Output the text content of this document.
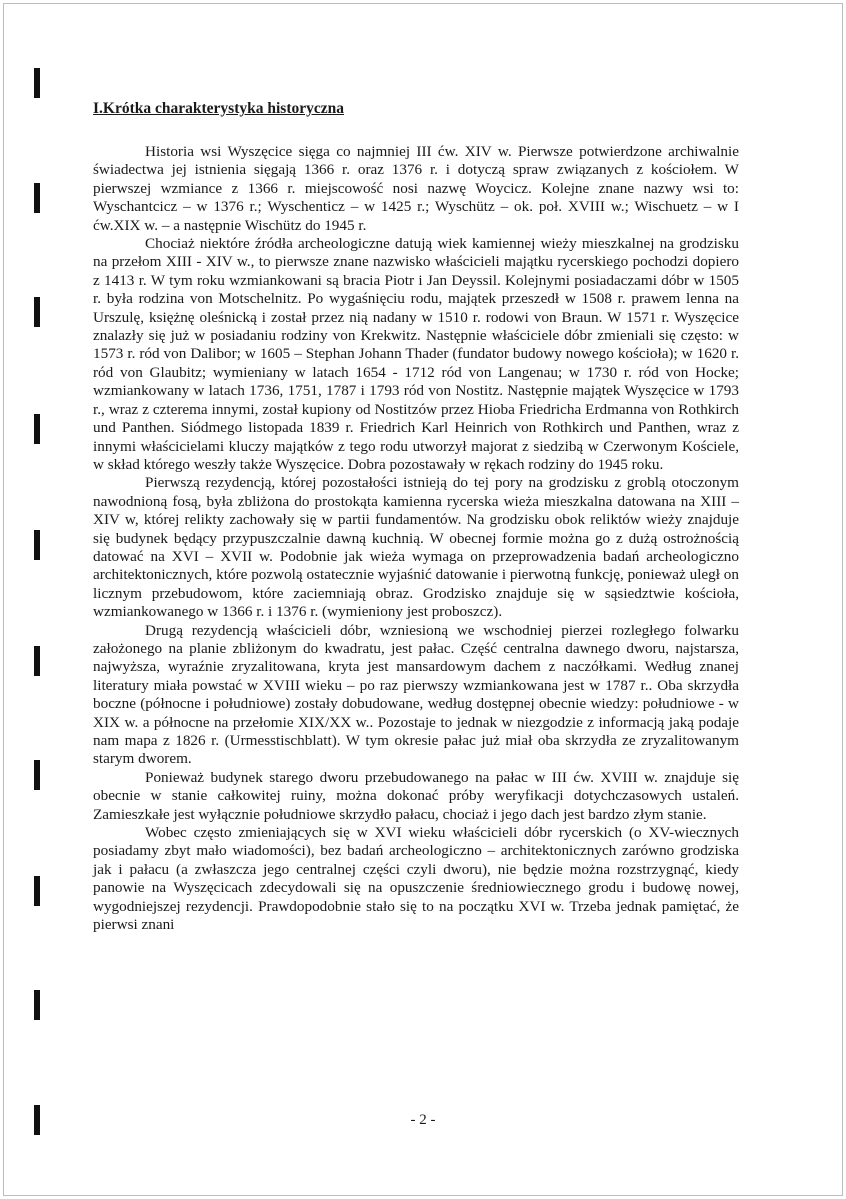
I.Krótka charakterystyka historyczna

Historia wsi Wyszęcice sięga co najmniej III ćw. XIV w. Pierwsze potwierdzone archiwalnie świadectwa jej istnienia sięgają 1366 r. oraz 1376 r. i dotyczą spraw związanych z kościołem. W pierwszej wzmiance z 1366 r. miejscowość nosi nazwę Woycicz. Kolejne znane nazwy wsi to: Wyschantcicz – w 1376 r.; Wyschenticz – w 1425 r.; Wyschütz – ok. poł. XVIII w.; Wischuetz – w I ćw.XIX w. – a następnie Wischütz do 1945 r.

Chociaż niektóre źródła archeologiczne datują wiek kamiennej wieży mieszkalnej na grodzisku na przełom XIII - XIV w., to pierwsze znane nazwisko właścicieli majątku rycerskiego pochodzi dopiero z 1413 r. W tym roku wzmiankowani są bracia Piotr i Jan Deyssil. Kolejnymi posiadaczami dóbr w 1505 r. była rodzina von Motschelnitz. Po wygaśnięciu rodu, majątek przeszedł w 1508 r. prawem lenna na Urszulę, księżnę oleśnicką i został przez nią nadany w 1510 r. rodowi von Braun. W 1571 r. Wyszęcice znalazły się już w posiadaniu rodziny von Krekwitz. Następnie właściciele dóbr zmieniali się często: w 1573 r. ród von Dalibor; w 1605 – Stephan Johann Thader (fundator budowy nowego kościoła); w 1620 r. ród von Glaubitz; wymieniany w latach 1654 - 1712 ród von Langenau; w 1730 r. ród von Hocke; wzmiankowany w latach 1736, 1751, 1787 i 1793 ród von Nostitz. Następnie majątek Wyszęcice w 1793 r., wraz z czterema innymi, został kupiony od Nostitzów przez Hioba Friedricha Erdmanna von Rothkirch und Panthen. Siódmego listopada 1839 r. Friedrich Karl Heinrich von Rothkirch und Panthen, wraz z innymi właścicielami kluczy majątków z tego rodu utworzył majorat z siedzibą w Czerwonym Kościele, w skład którego weszły także Wyszęcice. Dobra pozostawały w rękach rodziny do 1945 roku.

Pierwszą rezydencją, której pozostałości istnieją do tej pory na grodzisku z groblą otoczonym nawodnioną fosą, była zbliżona do prostokąta kamienna rycerska wieża mieszkalna datowana na XIII – XIV w, której relikty zachowały się w partii fundamentów. Na grodzisku obok reliktów wieży znajduje się budynek będący przypuszczalnie dawną kuchnią. W obecnej formie można go z dużą ostrożnością datować na XVI – XVII w. Podobnie jak wieża wymaga on przeprowadzenia badań archeologiczno architektonicznych, które pozwolą ostatecznie wyjaśnić datowanie i pierwotną funkcję, ponieważ uległ on licznym przebudowom, które zaciemniają obraz. Grodzisko znajduje się w sąsiedztwie kościoła, wzmiankowanego w 1366 r. i 1376 r. (wymieniony jest proboszcz).

Drugą rezydencją właścicieli dóbr, wzniesioną we wschodniej pierzei rozległego folwarku założonego na planie zbliżonym do kwadratu, jest pałac. Część centralna dawnego dworu, najstarsza, najwyższa, wyraźnie zryzalitowana, kryta jest mansardowym dachem z naczółkami. Według znanej literatury miała powstać w XVIII wieku – po raz pierwszy wzmiankowana jest w 1787 r.. Oba skrzydła boczne (północne i południowe) zostały dobudowane, według dostępnej obecnie wiedzy: południowe - w XIX w. a północne na przełomie XIX/XX w.. Pozostaje to jednak w niezgodzie z informacją jaką podaje nam mapa z 1826 r. (Urmesstischblatt). W tym okresie pałac już miał oba skrzydła ze zryzalitowanym starym dworem.

Ponieważ budynek starego dworu przebudowanego na pałac w III ćw. XVIII w. znajduje się obecnie w stanie całkowitej ruiny, można dokonać próby weryfikacji dotychczasowych ustaleń. Zamieszkałe jest wyłącznie południowe skrzydło pałacu, chociaż i jego dach jest bardzo złym stanie.

Wobec często zmieniających się w XVI wieku właścicieli dóbr rycerskich (o XV-wiecznych posiadamy zbyt mało wiadomości), bez badań archeologiczno – architektonicznych zarówno grodziska jak i pałacu (a zwłaszcza jego centralnej części czyli dworu), nie będzie można rozstrzygnąć, kiedy panowie na Wyszęcicach zdecydowali się na opuszczenie średniowiecznego grodu i budowę nowej, wygodniejszej rezydencji. Prawdopodobnie stało się to na początku XVI w. Trzeba jednak pamiętać, że pierwsi znani

- 2 -
